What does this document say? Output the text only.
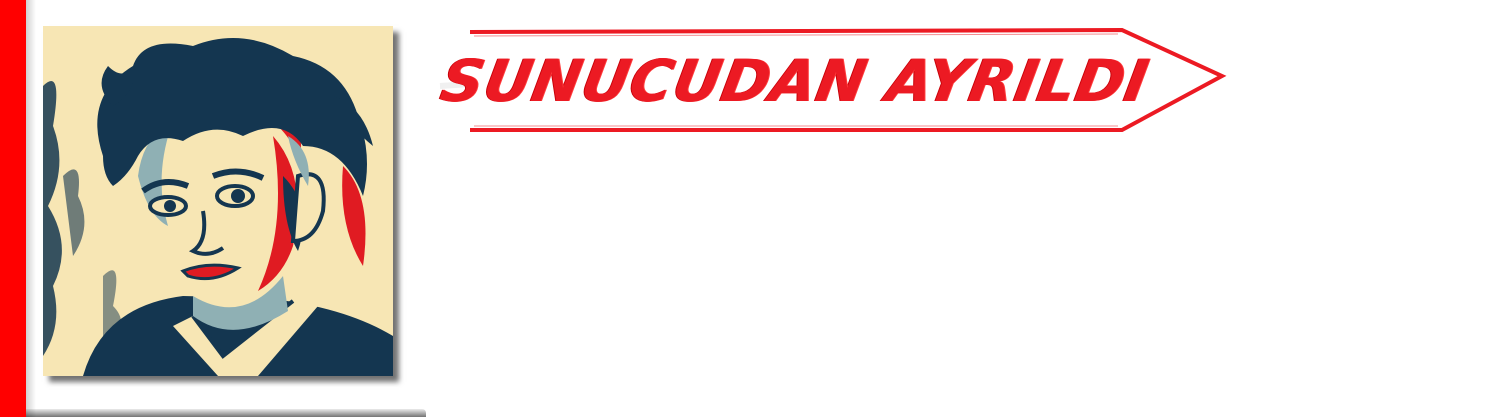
SUNUCUDAN AYRILDI
